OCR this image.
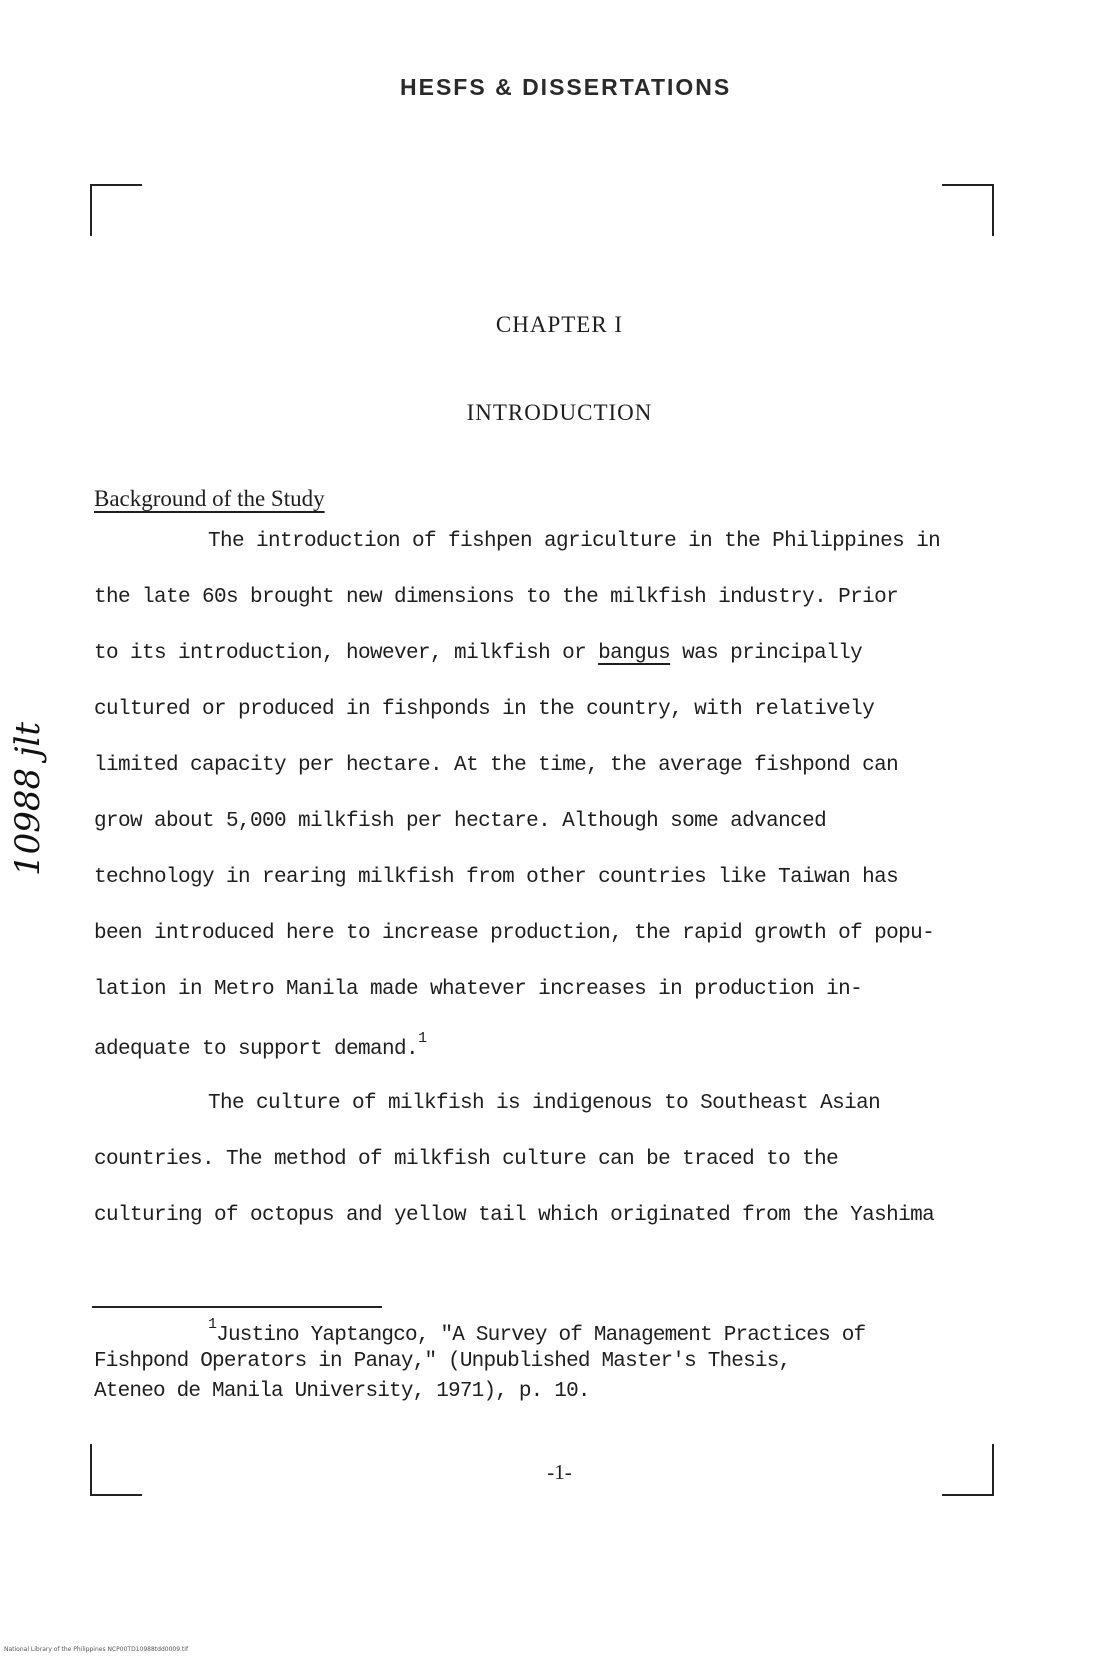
HESFS & DISSERTATIONS
10988 jlt
CHAPTER I
INTRODUCTION
Background of the Study
The introduction of fishpen agriculture in the Philippines in
the late 60s brought new dimensions to the milkfish industry. Prior
to its introduction, however, milkfish or bangus was principally
cultured or produced in fishponds in the country, with relatively
limited capacity per hectare. At the time, the average fishpond can
grow about 5,000 milkfish per hectare. Although some advanced
technology in rearing milkfish from other countries like Taiwan has
been introduced here to increase production, the rapid growth of popu-
lation in Metro Manila made whatever increases in production in-
adequate to support demand.$^1$
The culture of milkfish is indigenous to Southeast Asian
countries. The method of milkfish culture can be traced to the
culturing of octopus and yellow tail which originated from the Yashima
$^1$Justino Yaptangco, "A Survey of Management Practices of
Fishpond Operators in Panay," (Unpublished Master's Thesis,
Ateneo de Manila University, 1971), p. 10.
-1-
National Library of the Philippines NCP00TD10988tdd0009.tif
